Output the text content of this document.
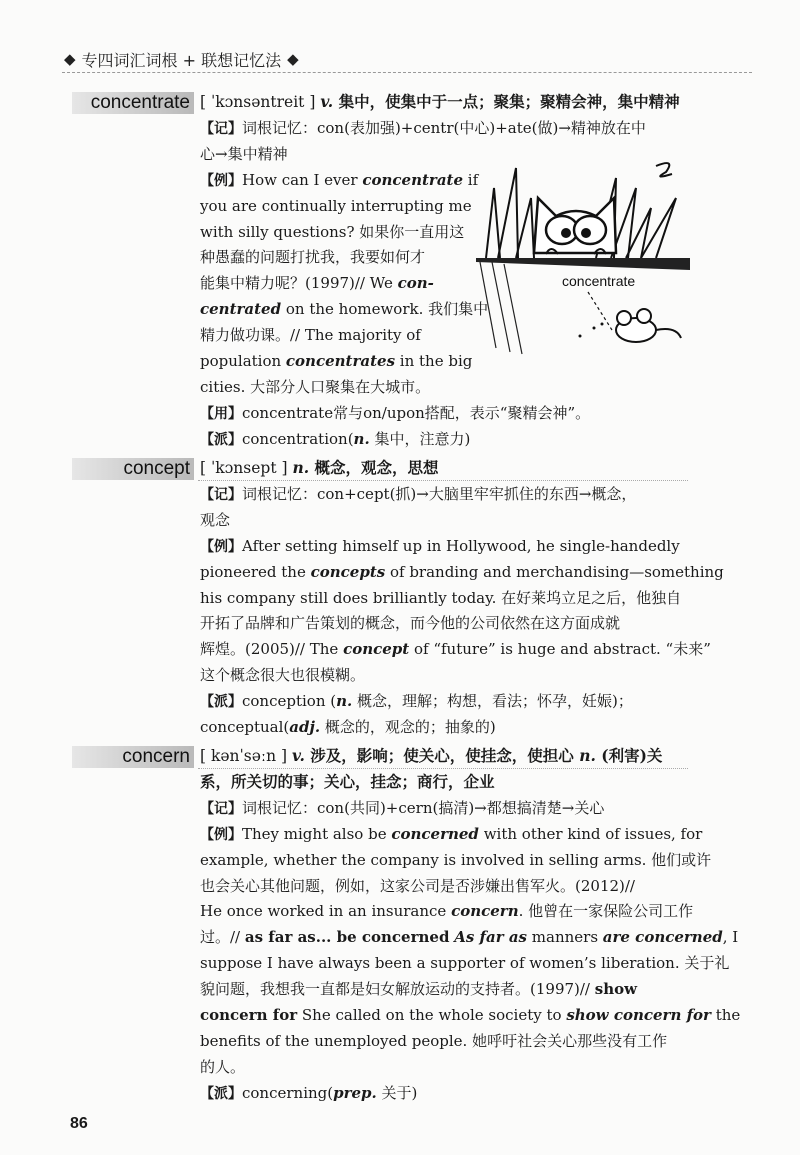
◆ 专四词汇词根 + 联想记忆法 ◆
concentrate [ ˈkɔnsəntreit ] v. 集中，使集中于一点；聚集；聚精会神，集中精神
【记】词根记忆：con(表加强)+centr(中心)+ate(做)→精神放在中
心→集中精神
【例】How can I ever concentrate if
you are continually interrupting me
with silly questions? 如果你一直用这
种愚蠢的问题打扰我，我要如何才
能集中精力呢？(1997)// We con-
centrated on the homework. 我们集中
精力做功课。// The majority of
population concentrates in the big
cities. 大部分人口聚集在大城市。
【用】concentrate常与on/upon搭配，表示“聚精会神”。
【派】concentration(n. 集中，注意力)
concept [ ˈkɔnsept ] n. 概念，观念，思想
【记】词根记忆：con+cept(抓)→大脑里牢牢抓住的东西→概念，
观念
【例】After setting himself up in Hollywood, he single-handedly
pioneered the concepts of branding and merchandising—something
his company still does brilliantly today. 在好莱坞立足之后，他独自
开拓了品牌和广告策划的概念，而今他的公司依然在这方面成就
辉煌。(2005)// The concept of “future” is huge and abstract. “未来”
这个概念很大也很模糊。
【派】conception (n. 概念，理解；构想，看法；怀孕，妊娠)；
conceptual(adj. 概念的，观念的；抽象的)
concern [ kənˈsəːn ] v. 涉及，影响；使关心，使挂念，使担心 n. (利害)关
系，所关切的事；关心，挂念；商行，企业
【记】词根记忆：con(共同)+cern(搞清)→都想搞清楚→关心
【例】They might also be concerned with other kind of issues, for
example, whether the company is involved in selling arms. 他们或许
也会关心其他问题，例如，这家公司是否涉嫌出售军火。(2012)//
He once worked in an insurance concern. 他曾在一家保险公司工作
过。// as far as... be concerned As far as manners are concerned, I
suppose I have always been a supporter of women’s liberation. 关于礼
貌问题，我想我一直都是妇女解放运动的支持者。(1997)// show
concern for She called on the whole society to show concern for the
benefits of the unemployed people. 她呼吁社会关心那些没有工作
的人。
【派】concerning(prep. 关于)
concentrate
86
